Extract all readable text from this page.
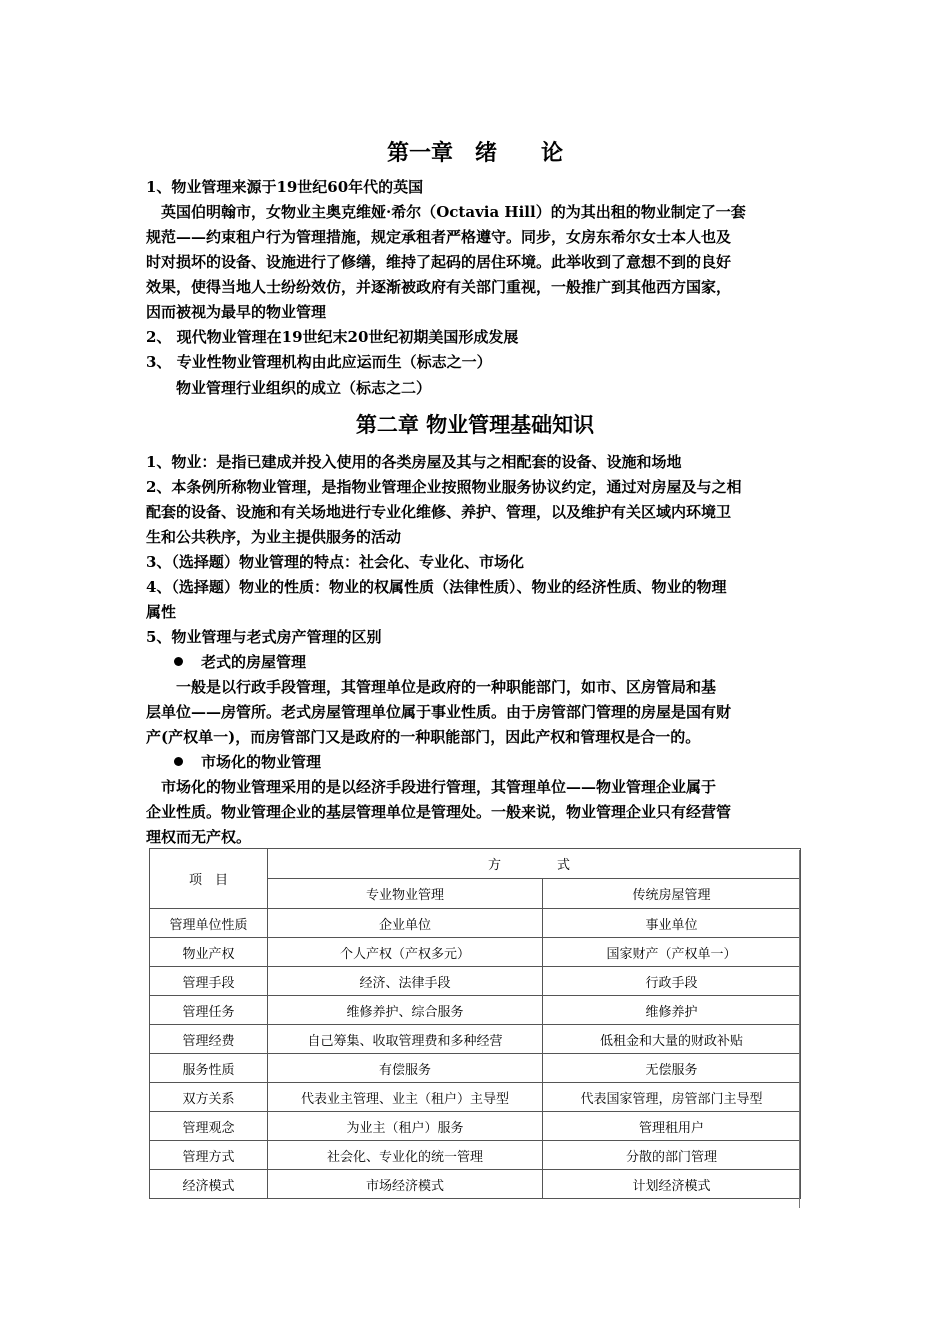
第一章　绪　　论
1、物业管理来源于19世纪60年代的英国
　英国伯明翰市，女物业主奥克维娅·希尔（Octavia Hill）的为其出租的物业制定了一套
规范——约束租户行为管理措施，规定承租者严格遵守。同步，女房东希尔女士本人也及
时对损坏的设备、设施进行了修缮，维持了起码的居住环境。此举收到了意想不到的良好
效果，使得当地人士纷纷效仿，并逐渐被政府有关部门重视，一般推广到其他西方国家，
因而被视为最早的物业管理
2、 现代物业管理在19世纪末20世纪初期美国形成发展
3、 专业性物业管理机构由此应运而生（标志之一）
　物业管理行业组织的成立（标志之二）
第二章 物业管理基础知识
1、物业：是指已建成并投入使用的各类房屋及其与之相配套的设备、设施和场地
2、本条例所称物业管理，是指物业管理企业按照物业服务协议约定，通过对房屋及与之相
配套的设备、设施和有关场地进行专业化维修、养护、管理，以及维护有关区域内环境卫
生和公共秩序，为业主提供服务的活动
3、（选择题）物业管理的特点：社会化、专业化、市场化
4、（选择题）物业的性质：物业的权属性质（法律性质）、物业的经济性质、物业的物理
属性
5、物业管理与老式房产管理的区别
老式的房屋管理
　　一般是以行政手段管理，其管理单位是政府的一种职能部门，如市、区房管局和基
层单位——房管所。老式房屋管理单位属于事业性质。由于房管部门管理的房屋是国有财
产(产权单一)，而房管部门又是政府的一种职能部门，因此产权和管理权是合一的。
市场化的物业管理
　市场化的物业管理采用的是以经济手段进行管理，其管理单位——物业管理企业属于
企业性质。物业管理企业的基层管理单位是管理处。一般来说，物业管理企业只有经营管
理权而无产权。
项　目	方　　式	
	专业物业管理	传统房屋管理
管理单位性质	企业单位	事业单位
物业产权	个人产权（产权多元）	国家财产（产权单一）
管理手段	经济、法律手段	行政手段
管理任务	维修养护、综合服务	维修养护
管理经费	自己筹集、收取管理费和多种经营	低租金和大量的财政补贴
服务性质	有偿服务	无偿服务
双方关系	代表业主管理、业主（租户）主导型	代表国家管理，房管部门主导型
管理观念	为业主（租户）服务	管理租用户
管理方式	社会化、专业化的统一管理	分散的部门管理
经济模式	市场经济模式	计划经济模式
